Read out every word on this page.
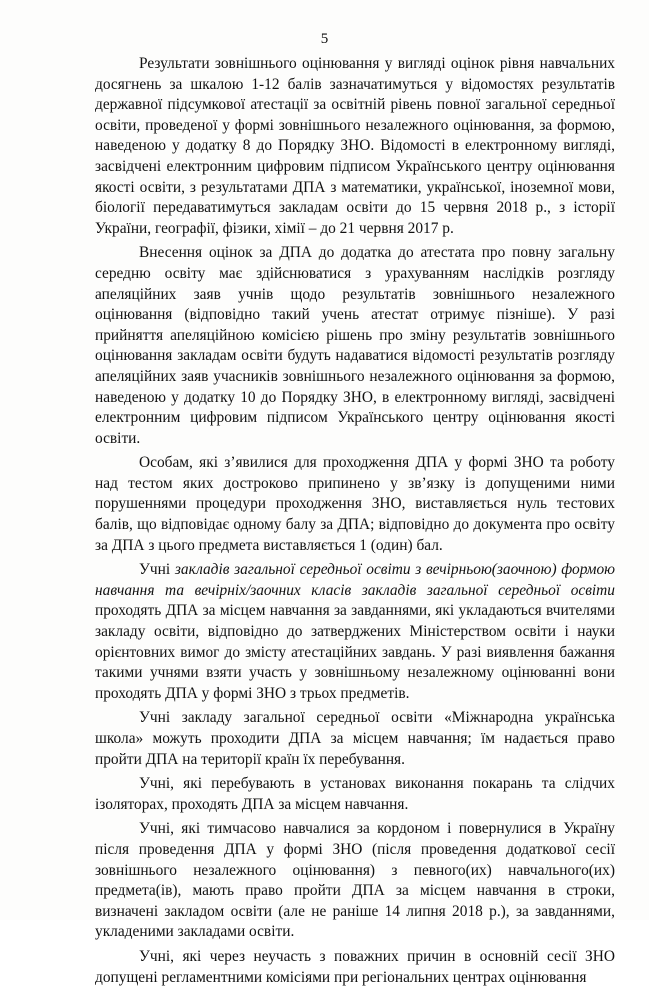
5

Результати зовнішнього оцінювання у вигляді оцінок рівня навчальних досягнень за шкалою 1-12 балів зазначатимуться у відомостях результатів державної підсумкової атестації за освітній рівень повної загальної середньої освіти, проведеної у формі зовнішнього незалежного оцінювання, за формою, наведеною у додатку 8 до Порядку ЗНО. Відомості в електронному вигляді, засвідчені електронним цифровим підписом Українського центру оцінювання якості освіти, з результатами ДПА з математики, української, іноземної мови, біології передаватимуться закладам освіти до 15 червня 2018 р., з історії України, географії, фізики, хімії – до 21 червня 2017 р.

Внесення оцінок за ДПА до додатка до атестата про повну загальну середню освіту має здійснюватися з урахуванням наслідків розгляду апеляційних заяв учнів щодо результатів зовнішнього незалежного оцінювання (відповідно такий учень атестат отримує пізніше). У разі прийняття апеляційною комісією рішень про зміну результатів зовнішнього оцінювання закладам освіти будуть надаватися відомості результатів розгляду апеляційних заяв учасників зовнішнього незалежного оцінювання за формою, наведеною у додатку 10 до Порядку ЗНО, в електронному вигляді, засвідчені електронним цифровим підписом Українського центру оцінювання якості освіти.

Особам, які з’явилися для проходження ДПА у формі ЗНО та роботу над тестом яких достроково припинено у зв’язку із допущеними ними порушеннями процедури проходження ЗНО, виставляється нуль тестових балів, що відповідає одному балу за ДПА; відповідно до документа про освіту за ДПА з цього предмета виставляється 1 (один) бал.

Учні закладів загальної середньої освіти з вечірньою(заочною) формою навчання та вечірніх/заочних класів закладів загальної середньої освіти проходять ДПА за місцем навчання за завданнями, які укладаються вчителями закладу освіти, відповідно до затверджених Міністерством освіти і науки орієнтовних вимог до змісту атестаційних завдань. У разі виявлення бажання такими учнями взяти участь у зовнішньому незалежному оцінюванні вони проходять ДПА у формі ЗНО з трьох предметів.

Учні закладу загальної середньої освіти «Міжнародна українська школа» можуть проходити ДПА за місцем навчання; їм надається право пройти ДПА на території країн їх перебування.

Учні, які перебувають в установах виконання покарань та слідчих ізоляторах, проходять ДПА за місцем навчання.

Учні, які тимчасово навчалися за кордоном і повернулися в Україну після проведення ДПА у формі ЗНО (після проведення додаткової сесії зовнішнього незалежного оцінювання) з певного(их) навчального(их) предмета(ів), мають право пройти ДПА за місцем навчання в строки, визначені закладом освіти (але не раніше 14 липня 2018 р.), за завданнями, укладеними закладами освіти.

Учні, які через неучасть з поважних причин в основній сесії ЗНО допущені регламентними комісіями при регіональних центрах оцінювання
